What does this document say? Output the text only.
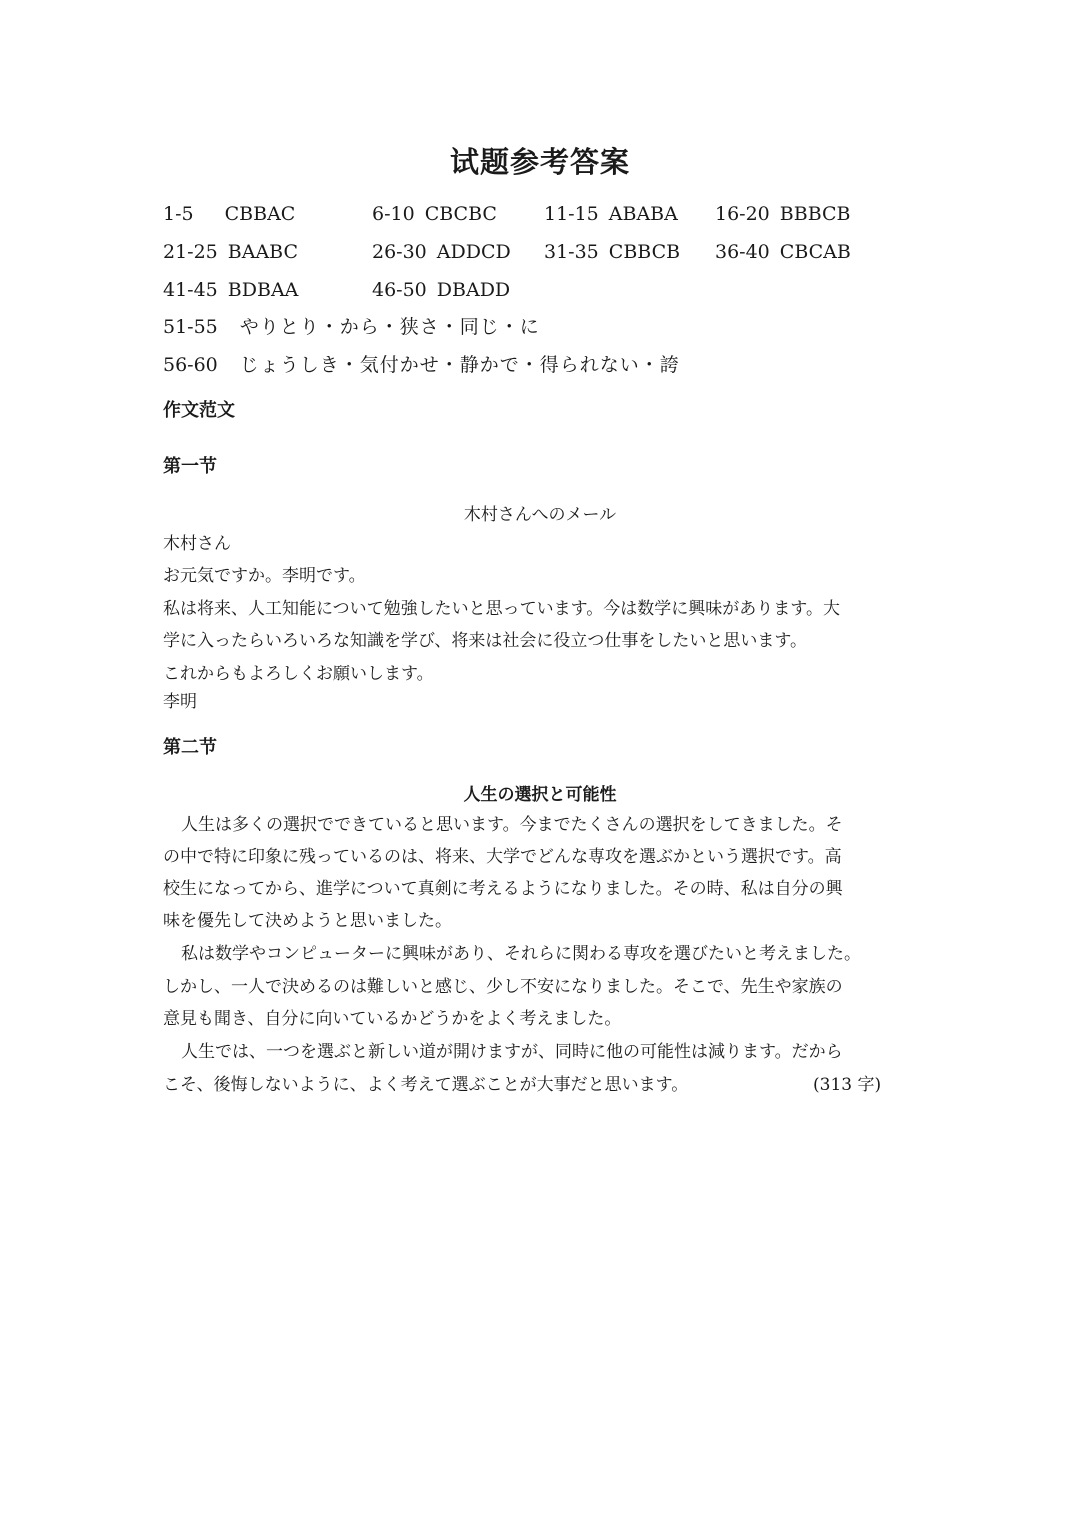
试题参考答案
1-5 CBBAC	6-10 CBCBC 11-15 ABABA 16-20 BBBCB
21-25 BAABC	26-30 ADDCD 31-35 CBBCB 36-40 CBCAB
41-45 BDBAA	46-50 DBADD
51-55 やりとり・から・狭さ・同じ・に
56-60 じょうしき・気付かせ・静かで・得られない・誇
作文范文
第一节
木村さんへのメール
木村さん
お元気ですか。李明です。
私は将来、人工知能について勉強したいと思っています。今は数学に興味があります。大
学に入ったらいろいろな知識を学び、将来は社会に役立つ仕事をしたいと思います。
これからもよろしくお願いします。
李明
第二节
人生の選択と可能性
人生は多くの選択でできていると思います。今までたくさんの選択をしてきました。そ
の中で特に印象に残っているのは、将来、大学でどんな専攻を選ぶかという選択です。高
校生になってから、進学について真剣に考えるようになりました。その時、私は自分の興
味を優先して決めようと思いました。
私は数学やコンピューターに興味があり、それらに関わる専攻を選びたいと考えました。
しかし、一人で決めるのは難しいと感じ、少し不安になりました。そこで、先生や家族の
意見も聞き、自分に向いているかどうかをよく考えました。
人生では、一つを選ぶと新しい道が開けますが、同時に他の可能性は減ります。だから
こそ、後悔しないように、よく考えて選ぶことが大事だと思います。	(313 字)
